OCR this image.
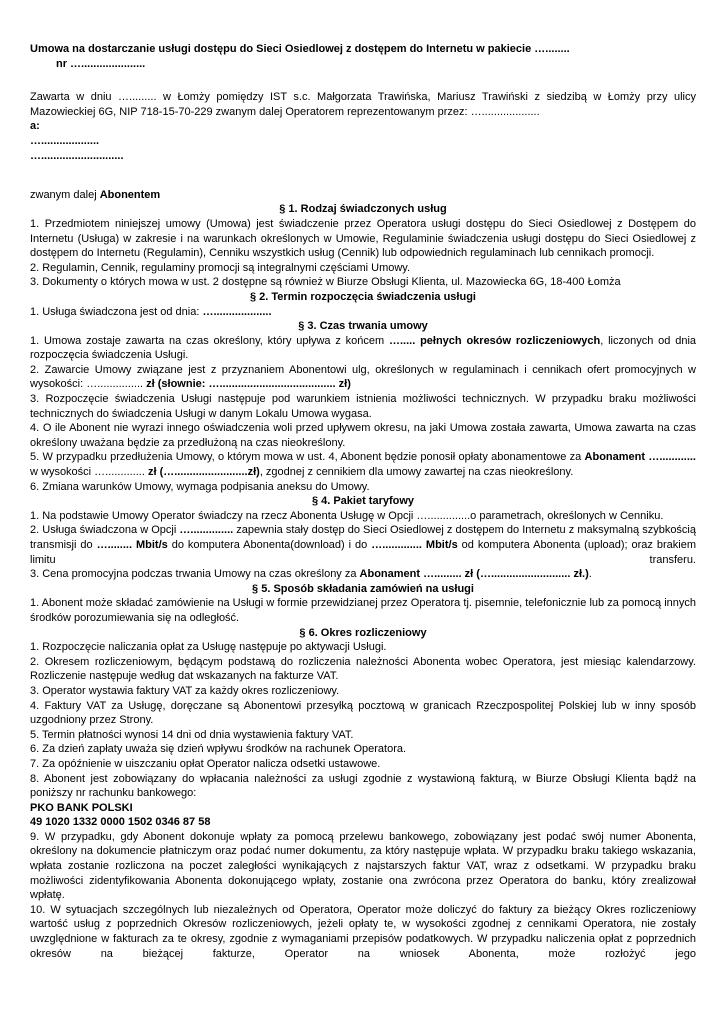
Umowa na dostarczanie usługi dostępu do Sieci Osiedlowej z dostępem do Internetu w pakiecie …........
nr ….....................

Zawarta w dniu …......... w Łomży pomiędzy IST s.c. Małgorzata Trawińska, Mariusz Trawiński z siedzibą w Łomży przy ulicy Mazowieckiej 6G, NIP 718-15-70-229 zwanym dalej Operatorem reprezentowanym przez: …...................

a:

…...................

…...........................

zwanym dalej Abonentem

§ 1. Rodzaj świadczonych usług

1. Przedmiotem niniejszej umowy (Umowa) jest świadczenie przez Operatora usługi dostępu do Sieci Osiedlowej z Dostępem do Internetu (Usługa) w zakresie i na warunkach określonych w Umowie, Regulaminie świadczenia usługi dostępu do Sieci Osiedlowej z dostępem do Internetu (Regulamin), Cenniku wszystkich usług (Cennik) lub odpowiednich regulaminach lub cennikach promocji.

2. Regulamin, Cennik, regulaminy promocji są integralnymi częściami Umowy.

3. Dokumenty o których mowa w ust. 2 dostępne są również w Biurze Obsługi Klienta, ul. Mazowiecka 6G, 18-400 Łomża

§ 2. Termin rozpoczęcia świadczenia usługi

1. Usługa świadczona jest od dnia: …...................

§ 3. Czas trwania umowy

1. Umowa zostaje zawarta na czas określony, który upływa z końcem …..... pełnych okresów rozliczeniowych, liczonych od dnia rozpoczęcia świadczenia Usługi.

2. Zawarcie Umowy związane jest z przyznaniem Abonentowi ulg, określonych w regulaminach i cennikach ofert promocyjnych w wysokości: …............... zł (słownie: …...................................... zł)

3. Rozpoczęcie świadczenia Usługi następuje pod warunkiem istnienia możliwości technicznych. W przypadku braku możliwości technicznych do świadczenia Usługi w danym Lokalu Umowa wygasa.

4. O ile Abonent nie wyrazi innego oświadczenia woli przed upływem okresu, na jaki Umowa została zawarta, Umowa zawarta na czas określony uważana będzie za przedłużoną na czas nieokreślony.

5. W przypadku przedłużenia Umowy, o którym mowa w ust. 4, Abonent będzie ponosił opłaty abonamentowe za Abonament …............ w wysokości …............. zł (…........................zł), zgodnej z cennikiem dla umowy zawartej na czas nieokreślony.

6. Zmiana warunków Umowy, wymaga podpisania aneksu do Umowy.

§ 4. Pakiet taryfowy

1. Na podstawie Umowy Operator świadczy na rzecz Abonenta Usługę w Opcji …..............o parametrach, określonych w Cenniku.

2. Usługa świadczona w Opcji ….............. zapewnia stały dostęp do Sieci Osiedlowej z dostępem do Internetu z maksymalną szybkością transmisji do …........ Mbit/s do komputera Abonenta(download) i do …............. Mbit/s od komputera Abonenta (upload); oraz brakiem limitu transferu.

3. Cena promocyjna podczas trwania Umowy na czas określony za Abonament …......... zł (….......................... zł.).

§ 5. Sposób składania zamówień na usługi

1. Abonent może składać zamówienie na Usługi w formie przewidzianej przez Operatora tj. pisemnie, telefonicznie lub za pomocą innych środków porozumiewania się na odległość.

§ 6. Okres rozliczeniowy

1. Rozpoczęcie naliczania opłat za Usługę następuje po aktywacji Usługi.

2. Okresem rozliczeniowym, będącym podstawą do rozliczenia należności Abonenta wobec Operatora, jest miesiąc kalendarzowy. Rozliczenie następuje według dat wskazanych na fakturze VAT.

3. Operator wystawia faktury VAT za każdy okres rozliczeniowy.

4. Faktury VAT za Usługę, doręczane są Abonentowi przesyłką pocztową w granicach Rzeczpospolitej Polskiej lub w inny sposób uzgodniony przez Strony.

5. Termin płatności wynosi 14 dni od dnia wystawienia faktury VAT.

6. Za dzień zapłaty uważa się dzień wpływu środków na rachunek Operatora.

7. Za opóźnienie w uiszczaniu opłat Operator nalicza odsetki ustawowe.

8. Abonent jest zobowiązany do wpłacania należności za usługi zgodnie z wystawioną fakturą, w Biurze Obsługi Klienta bądź na poniższy nr rachunku bankowego:

PKO BANK POLSKI

49 1020 1332 0000 1502 0346 87 58

9. W przypadku, gdy Abonent dokonuje wpłaty za pomocą przelewu bankowego, zobowiązany jest podać swój numer Abonenta, określony na dokumencie płatniczym oraz podać numer dokumentu, za który następuje wpłata. W przypadku braku takiego wskazania, wpłata zostanie rozliczona na poczet zaległości wynikających z najstarszych faktur VAT, wraz z odsetkami. W przypadku braku możliwości zidentyfikowania Abonenta dokonującego wpłaty, zostanie ona zwrócona przez Operatora do banku, który zrealizował wpłatę.

10. W sytuacjach szczególnych lub niezależnych od Operatora, Operator może doliczyć do faktury za bieżący Okres rozliczeniowy wartość usług z poprzednich Okresów rozliczeniowych, jeżeli opłaty te, w wysokości zgodnej z cennikami Operatora, nie zostały uwzględnione w fakturach za te okresy, zgodnie z wymaganiami przepisów podatkowych. W przypadku naliczenia opłat z poprzednich okresów na bieżącej fakturze, Operator na wniosek Abonenta, może rozłożyć jego
